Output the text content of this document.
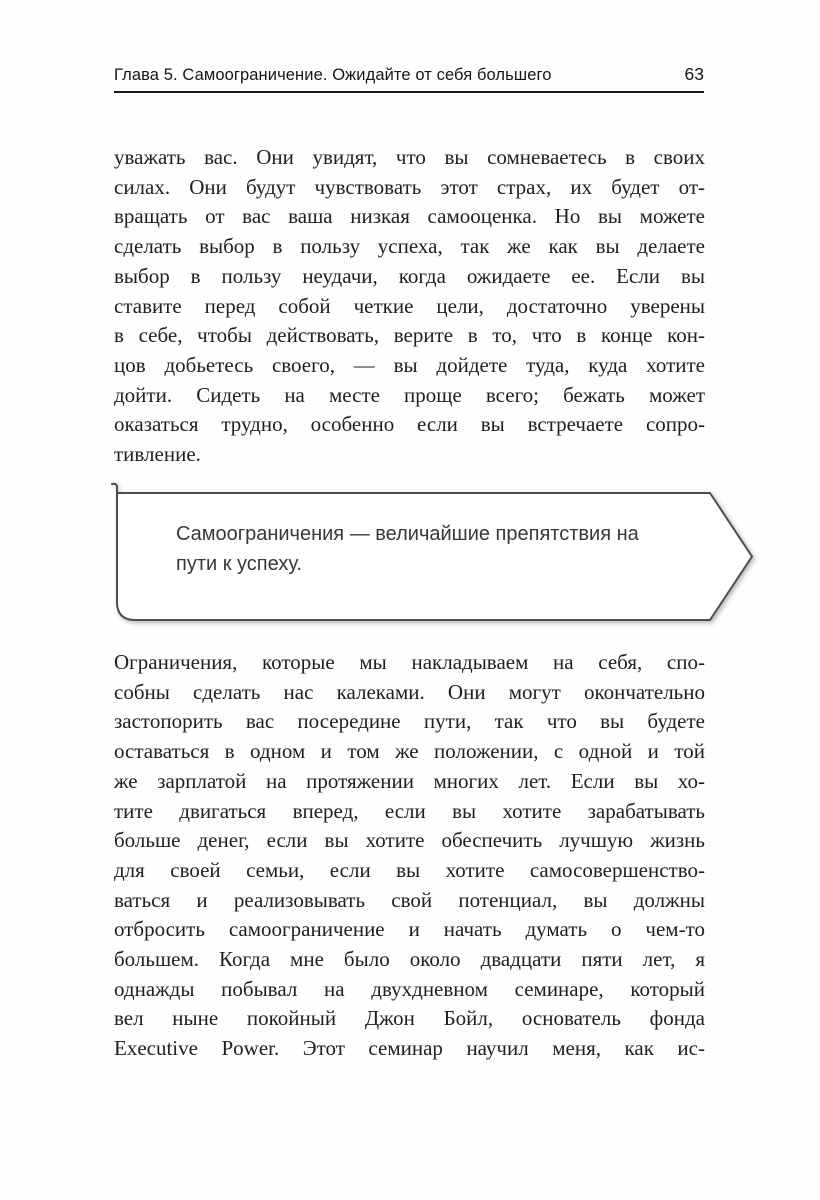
Глава 5. Самоограничение. Ожидайте от себя большего	63
уважать вас. Они увидят, что вы сомневаетесь в своих
силах. Они будут чувствовать этот страх, их будет от-
вращать от вас ваша низкая самооценка. Но вы можете
сделать выбор в пользу успеха, так же как вы делаете
выбор в пользу неудачи, когда ожидаете ее. Если вы
ставите перед собой четкие цели, достаточно уверены
в себе, чтобы действовать, верите в то, что в конце кон-
цов добьетесь своего, — вы дойдете туда, куда хотите
дойти. Сидеть на месте проще всего; бежать может
оказаться трудно, особенно если вы встречаете сопро-
тивление.
Самоограничения — величайшие препятствия на
пути к успеху.
Ограничения, которые мы накладываем на себя, спо-
собны сделать нас калеками. Они могут окончательно
застопорить вас посередине пути, так что вы будете
оставаться в одном и том же положении, с одной и той
же зарплатой на протяжении многих лет. Если вы хо-
тите двигаться вперед, если вы хотите зарабатывать
больше денег, если вы хотите обеспечить лучшую жизнь
для своей семьи, если вы хотите самосовершенство-
ваться и реализовывать свой потенциал, вы должны
отбросить самоограничение и начать думать о чем-то
большем. Когда мне было около двадцати пяти лет, я
однажды побывал на двухдневном семинаре, который
вел ныне покойный Джон Бойл, основатель фонда
Executive Power. Этот семинар научил меня, как ис-
